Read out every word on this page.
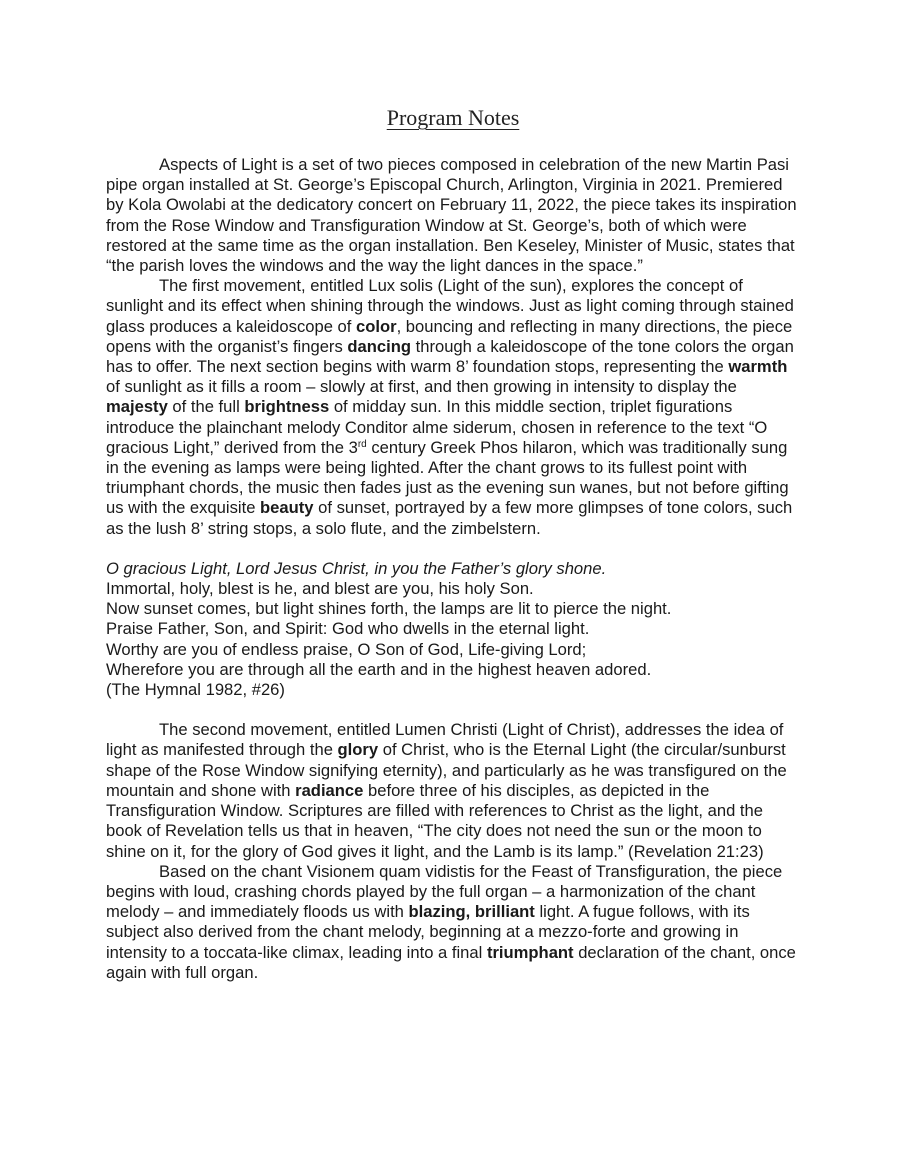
Program Notes

Aspects of Light is a set of two pieces composed in celebration of the new Martin Pasi pipe organ installed at St. George’s Episcopal Church, Arlington, Virginia in 2021. Premiered by Kola Owolabi at the dedicatory concert on February 11, 2022, the piece takes its inspiration from the Rose Window and Transfiguration Window at St. George’s, both of which were restored at the same time as the organ installation. Ben Keseley, Minister of Music, states that “the parish loves the windows and the way the light dances in the space.”

The first movement, entitled Lux solis (Light of the sun), explores the concept of sunlight and its effect when shining through the windows. Just as light coming through stained glass produces a kaleidoscope of color, bouncing and reflecting in many directions, the piece opens with the organist’s fingers dancing through a kaleidoscope of the tone colors the organ has to offer. The next section begins with warm 8’ foundation stops, representing the warmth of sunlight as it fills a room – slowly at first, and then growing in intensity to display the majesty of the full brightness of midday sun. In this middle section, triplet figurations introduce the plainchant melody Conditor alme siderum, chosen in reference to the text “O gracious Light,” derived from the 3rd century Greek Phos hilaron, which was traditionally sung in the evening as lamps were being lighted. After the chant grows to its fullest point with triumphant chords, the music then fades just as the evening sun wanes, but not before gifting us with the exquisite beauty of sunset, portrayed by a few more glimpses of tone colors, such as the lush 8’ string stops, a solo flute, and the zimbelstern.

O gracious Light, Lord Jesus Christ, in you the Father’s glory shone.
Immortal, holy, blest is he, and blest are you, his holy Son.
Now sunset comes, but light shines forth, the lamps are lit to pierce the night.
Praise Father, Son, and Spirit: God who dwells in the eternal light.
Worthy are you of endless praise, O Son of God, Life-giving Lord;
Wherefore you are through all the earth and in the highest heaven adored.
(The Hymnal 1982, #26)

The second movement, entitled Lumen Christi (Light of Christ), addresses the idea of light as manifested through the glory of Christ, who is the Eternal Light (the circular/sunburst shape of the Rose Window signifying eternity), and particularly as he was transfigured on the mountain and shone with radiance before three of his disciples, as depicted in the Transfiguration Window. Scriptures are filled with references to Christ as the light, and the book of Revelation tells us that in heaven, “The city does not need the sun or the moon to shine on it, for the glory of God gives it light, and the Lamb is its lamp.” (Revelation 21:23)

Based on the chant Visionem quam vidistis for the Feast of Transfiguration, the piece begins with loud, crashing chords played by the full organ – a harmonization of the chant melody – and immediately floods us with blazing, brilliant light. A fugue follows, with its subject also derived from the chant melody, beginning at a mezzo-forte and growing in intensity to a toccata-like climax, leading into a final triumphant declaration of the chant, once again with full organ.
